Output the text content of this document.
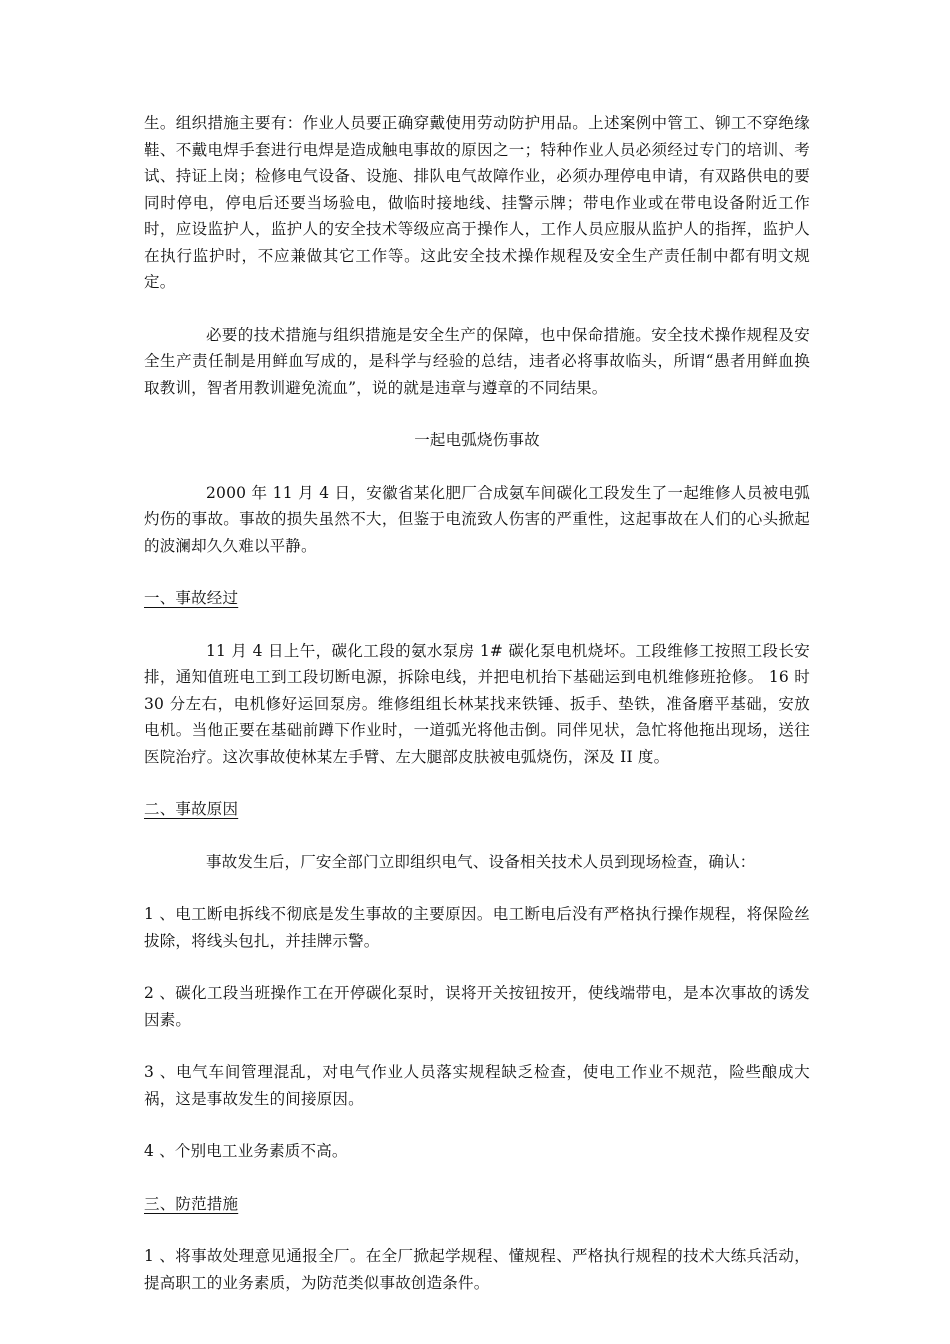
生。组织措施主要有：作业人员要正确穿戴使用劳动防护用品。上述案例中管工、铆工不穿绝缘鞋、不戴电焊手套进行电焊是造成触电事故的原因之一；特种作业人员必须经过专门的培训、考试、持证上岗；检修电气设备、设施、排队电气故障作业，必须办理停电申请，有双路供电的要同时停电，停电后还要当场验电，做临时接地线、挂警示牌；带电作业或在带电设备附近工作时，应设监护人，监护人的安全技术等级应高于操作人，工作人员应服从监护人的指挥，监护人在执行监护时，不应兼做其它工作等。这此安全技术操作规程及安全生产责任制中都有明文规定。

必要的技术措施与组织措施是安全生产的保障，也中保命措施。安全技术操作规程及安全生产责任制是用鲜血写成的，是科学与经验的总结，违者必将事故临头，所谓“愚者用鲜血换取教训，智者用教训避免流血”，说的就是违章与遵章的不同结果。

一起电弧烧伤事故

2000 年 11 月 4 日，安徽省某化肥厂合成氨车间碳化工段发生了一起维修人员被电弧灼伤的事故。事故的损失虽然不大，但鉴于电流致人伤害的严重性，这起事故在人们的心头掀起的波澜却久久难以平静。

一、事故经过

11 月 4 日上午，碳化工段的氨水泵房 1# 碳化泵电机烧坏。工段维修工按照工段长安排，通知值班电工到工段切断电源，拆除电线，并把电机抬下基础运到电机维修班抢修。 16 时 30 分左右，电机修好运回泵房。维修组组长林某找来铁锤、扳手、垫铁，准备磨平基础，安放电机。当他正要在基础前蹲下作业时，一道弧光将他击倒。同伴见状，急忙将他拖出现场，送往医院治疗。这次事故使林某左手臂、左大腿部皮肤被电弧烧伤，深及 II 度。

二、事故原因

事故发生后，厂安全部门立即组织电气、设备相关技术人员到现场检查，确认：

1 、电工断电拆线不彻底是发生事故的主要原因。电工断电后没有严格执行操作规程，将保险丝拔除，将线头包扎，并挂牌示警。

2 、碳化工段当班操作工在开停碳化泵时，误将开关按钮按开，使线端带电，是本次事故的诱发因素。

3 、电气车间管理混乱，对电气作业人员落实规程缺乏检查，使电工作业不规范，险些酿成大祸，这是事故发生的间接原因。

4 、个别电工业务素质不高。

三、防范措施

1 、将事故处理意见通报全厂。在全厂掀起学规程、懂规程、严格执行规程的技术大练兵活动，提高职工的业务素质，为防范类似事故创造条件。
